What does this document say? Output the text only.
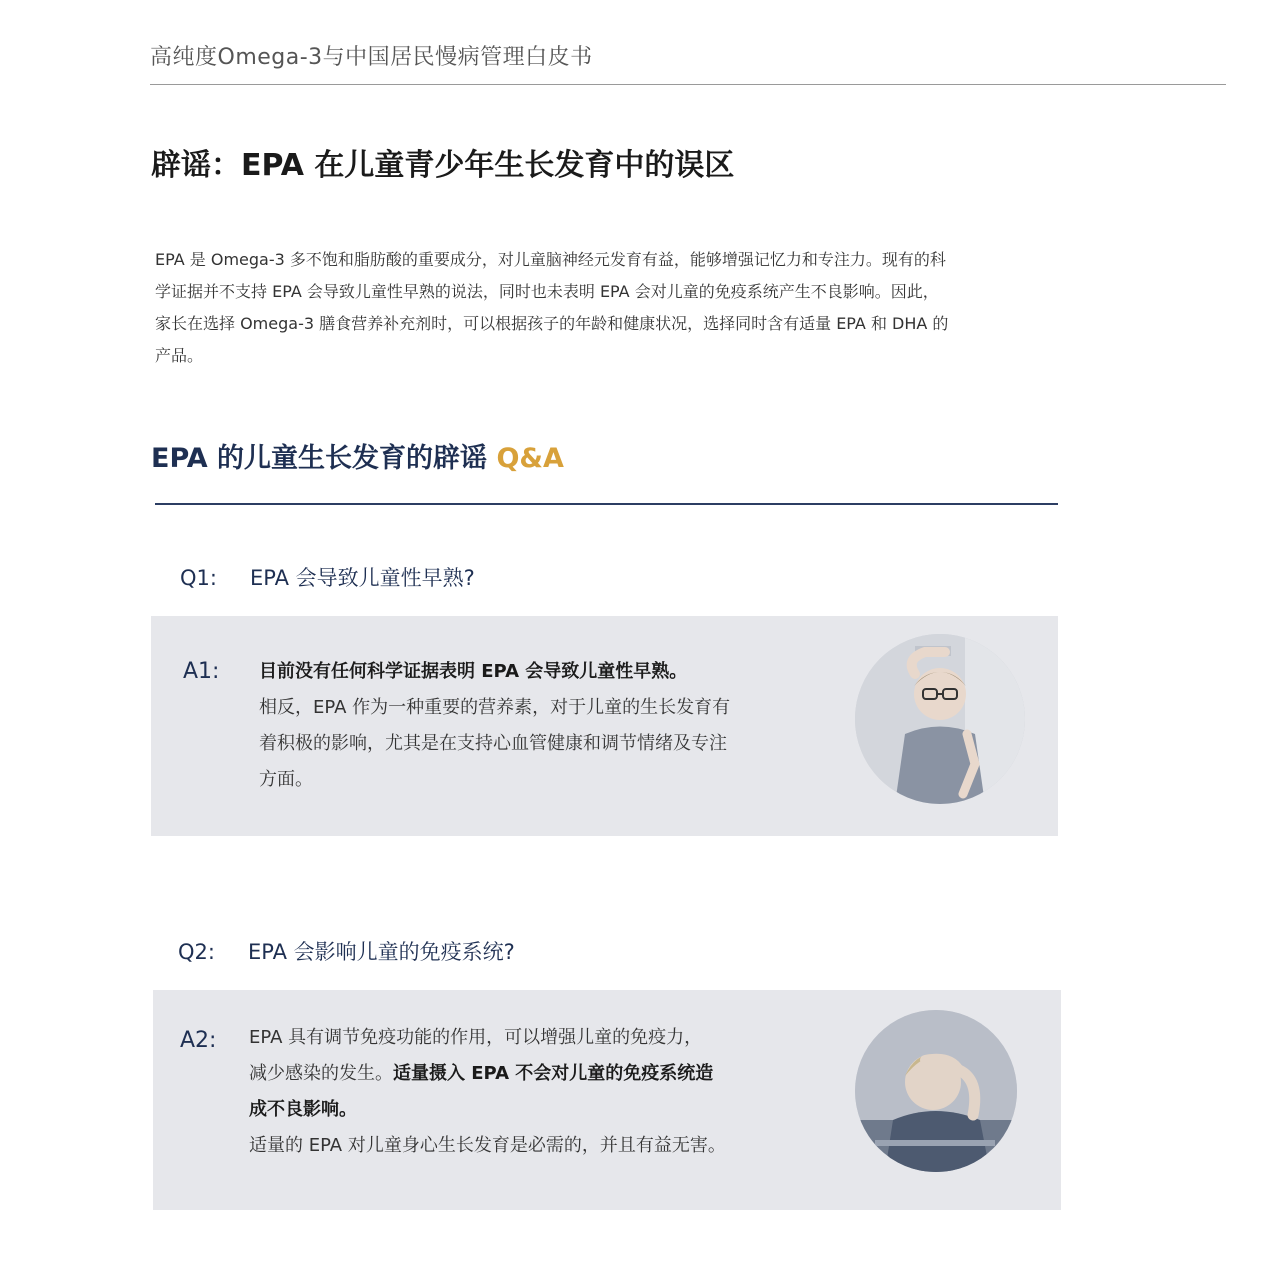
高纯度Omega-3与中国居民慢病管理白皮书
辟谣：EPA 在儿童青少年生长发育中的误区

EPA 是 Omega-3 多不饱和脂肪酸的重要成分，对儿童脑神经元发育有益，能够增强记忆力和专注力。现有的科

学证据并不支持 EPA 会导致儿童性早熟的说法，同时也未表明 EPA 会对儿童的免疫系统产生不良影响。因此，

家长在选择 Omega-3 膳食营养补充剂时，可以根据孩子的年龄和健康状况，选择同时含有适量 EPA 和 DHA 的

产品。

EPA 的儿童生长发育的辟谣 Q&A
Q1: EPA 会导致儿童性早熟?
A1: 目前没有任何科学证据表明 EPA 会导致儿童性早熟。
相反，EPA 作为一种重要的营养素，对于儿童的生长发育有
着积极的影响，尤其是在支持心血管健康和调节情绪及专注
方面。
Q2: EPA 会影响儿童的免疫系统?
A2: EPA 具有调节免疫功能的作用，可以增强儿童的免疫力，
减少感染的发生。适量摄入 EPA 不会对儿童的免疫系统造
成不良影响。
适量的 EPA 对儿童身心生长发育是必需的，并且有益无害。
